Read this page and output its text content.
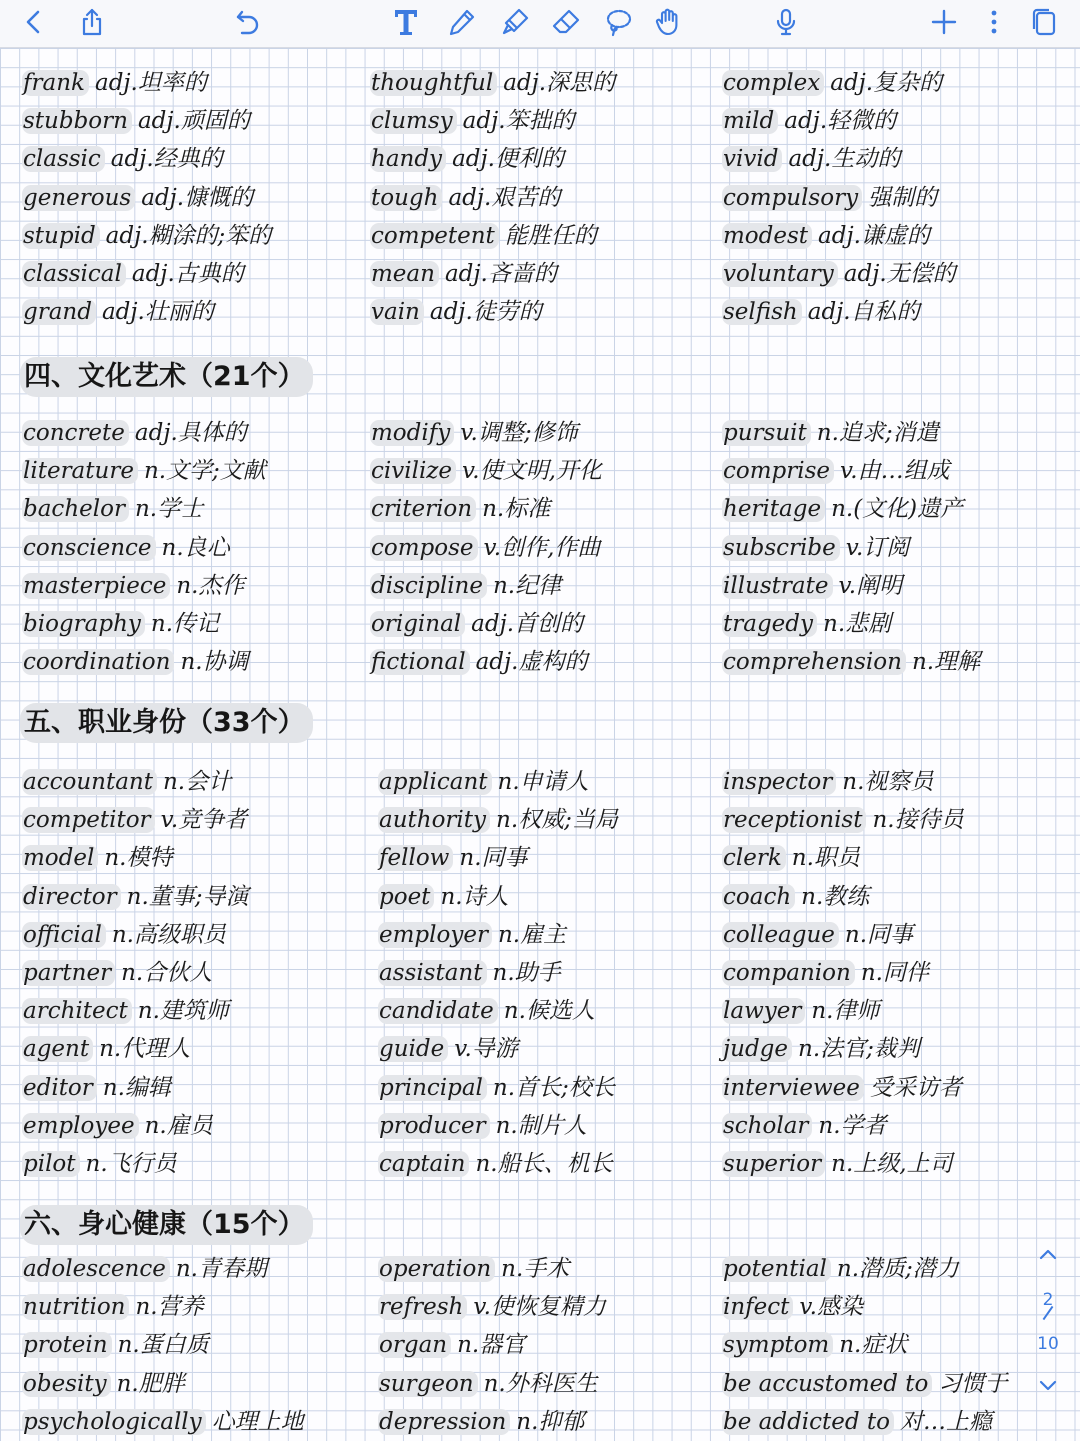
四、文化艺术（21个）
五、职业身份（33个）
六、身心健康（15个）
frank adj.坦率的
stubborn adj.顽固的
classic adj.经典的
generous adj.慷慨的
stupid adj.糊涂的;笨的
classical adj.古典的
grand adj.壮丽的
thoughtful adj.深思的
clumsy adj.笨拙的
handy adj.便利的
tough adj.艰苦的
competent 能胜任的
mean adj.吝啬的
vain adj.徒劳的
complex adj.复杂的
mild adj.轻微的
vivid adj.生动的
compulsory 强制的
modest adj.谦虚的
voluntary adj.无偿的
selfish adj.自私的
concrete adj.具体的
literature n.文学;文献
bachelor n.学士
conscience n.良心
masterpiece n.杰作
biography n.传记
coordination n.协调
modify v.调整;修饰
civilize v.使文明,开化
criterion n.标准
compose v.创作,作曲
discipline n.纪律
original adj.首创的
fictional adj.虚构的
pursuit n.追求;消遣
comprise v.由…组成
heritage n.(文化)遗产
subscribe v.订阅
illustrate v.阐明
tragedy n.悲剧
comprehension n.理解
accountant n.会计
competitor v.竞争者
model n.模特
director n.董事;导演
official n.高级职员
partner n.合伙人
architect n.建筑师
agent n.代理人
editor n.编辑
employee n.雇员
pilot n.飞行员
applicant n.申请人
authority n.权威;当局
fellow n.同事
poet n.诗人
employer n.雇主
assistant n.助手
candidate n.候选人
guide v.导游
principal n.首长;校长
producer n.制片人
captain n.船长、机长
inspector n.视察员
receptionist n.接待员
clerk n.职员
coach n.教练
colleague n.同事
companion n.同伴
lawyer n.律师
judge n.法官;裁判
interviewee 受采访者
scholar n.学者
superior n.上级,上司
adolescence n.青春期
nutrition n.营养
protein n.蛋白质
obesity n.肥胖
psychologically 心理上地
operation n.手术
refresh v.使恢复精力
organ n.器官
surgeon n.外科医生
depression n.抑郁
potential n.潜质;潜力
infect v.感染
symptom n.症状
be accustomed to 习惯于
be addicted to 对…上瘾
2
10
